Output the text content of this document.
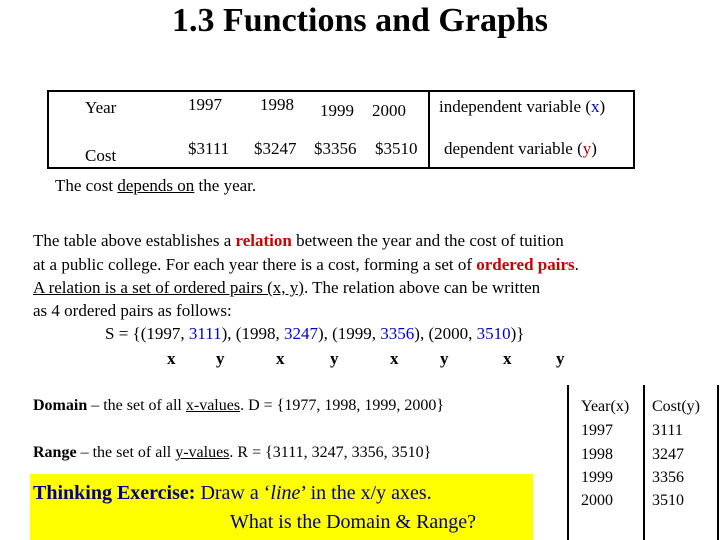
1.3 Functions and Graphs
Year	1997 1998 1999 2000 independent variable (x)
Cost	$3111 $3247 $3356 $3510 dependent variable (y)
The cost depends on the year.
The table above establishes a relation between the year and the cost of tuition
at a public college. For each year there is a cost, forming a set of ordered pairs.
A relation is a set of ordered pairs (x, y). The relation above can be written
as 4 ordered pairs as follows:
S = {(1997, 3111), (1998, 3247), (1999, 3356), (2000, 3510)}
x y	x	y	x y	x	y
Domain – the set of all x-values. D = {1977, 1998, 1999, 2000}
Range – the set of all y-values. R = {3111, 3247, 3356, 3510}
Thinking Exercise: Draw a ‘line’ in the x/y axes.
What is the Domain & Range?
Year(x) Cost(y)
1997 3111
1998 3247
1999 3356
2000 3510
